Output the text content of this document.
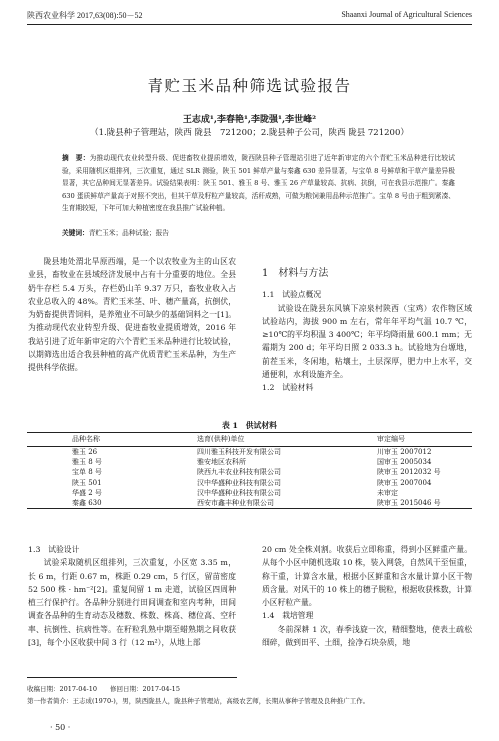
陕西农业科学 2017,63(08):50－52	Shaanxi Journal of Agricultural Sciences
青贮玉米品种筛选试验报告
王志成¹,李春艳¹,李陇强¹,李世峰²
（1.陇县种子管理站，陕西 陇县　721200；2.陇县种子公司，陕西 陇县 721200）
摘　要：为推动现代农业转型升级、促进畜牧业提质增效，陇西陕县种子管理站引进了近年新审定的六个青贮玉米品种进行比较试验，采用随机区组排列，三次重复，通过 SLR 测验，陕玉 501 鲜草产量与秦鑫 630 差异显著，与宝单 8 号鲜草和干草产量差异极显著，其它品种间无显著差异。试验结果表明：陕玉 501、雅玉 8 号、雅玉 26 产草量较高、抗病、抗倒，可在我县示范推广。秦鑫 630 蛋质鲜草产量高于对照不突出，但其干草及籽粒产量较高，活秆成熟，可做为粮饲兼用品种示范推广。宝单 8 号由于粗到紧凑、生育期较短，下年可加大种植密度在我县推广试验种植。
关键词：青贮玉米；品种试验；报告

陇县地处渭北旱原西端，是一个以农牧业为主的山区农业县，畜牧业在县域经济发展中占有十分重要的地位。全县奶牛存栏 5.4 万头，存栏奶山羊 9.37 万只，畜牧业收入占农业总收入的 48%。青贮玉米茎、叶、穗产量高，抗倒伏，为奶畜提供青饲料，是养殖业不可缺少的基础饲料之一[1]。为推动现代农业转型升级、促进畜牧业提质增效，2016 年我站引进了近年新审定的六个青贮玉米品种进行比较试验，以期筛选出适合我县种植的高产优质青贮玉米品种，为生产提供科学依据。

1　材料与方法
1.1　试验点概况

试验设在陇县东风镇下凉泉村陕西（宝鸡）农作物区域试验站内，海拔 900 m 左右，常年年平均气温 10.7 ℃，≥10℃的平均积温 3 400℃；年平均降雨量 600.1 mm；无霜期为 200 d；年平均日照 2 033.3 h。试验地为台塬地，前茬玉米，冬闲地，粘壤土，土层深厚，肥力中上水平，交通便利，水利设施齐全。

1.2　试验材料
表 1　供试材料
品种名称	选育(供种)单位	审定编号
雅玉 26	四川雅玉科技开发有限公司	川审玉 2007012
雅玉 8 号	雅安地区农科所	国审玉 2005034
宝单 8 号	陕西九丰农业科技有限公司	陕审玉 2012032 号
陕玉 501	汉中华盛种业科技有限公司	陕审玉 2007004
华盛 2 号	汉中华盛种业科技有限公司	未审定
秦鑫 630	西安市鑫丰种业有限公司	陕审玉 2015046 号
1.3　试验设计

试验采取随机区组排列，三次重复，小区宽 3.35 m，长 6 m，行距 0.67 m，株距 0.29 cm，5 行区，留苗密度 52 500 株 · hm⁻²[2]。重复间留 1 m 走道，试验区四周种植三行保护行。各品种分别进行田间调查和室内考种，田间调查各品种的生育动态及穗数、株数、株高、穗位高、空秆率、抗倒性、抗病性等。在籽粒乳熟中期至蜡熟期之间收获[3]，每个小区收获中间 3 行（12 m²），从地上部

20 cm 处全株刈割。收获后立即称重，得到小区鲜重产量。从每个小区中随机选取 10 株，装入网袋，自然风干至恒重，称干重，计算含水量，根据小区鲜重和含水量计算小区干物质含量。对风干的 10 株上的穗子脱粒，根据收获株数，计算小区籽粒产量。

1.4　栽培管理

冬前深耕 1 次，春季浅旋一次，精细整地，使表土疏松细碎，做到田平、土细，捡净石块杂质，地

收稿日期：2017-04-10　　修回日期：2017-04-15
第一作者简介：王志成(1970-)，男，陕西陇县人，陇县种子管理站，高级农艺师，长期从事种子管理及良种推广工作。
· 50 ·
